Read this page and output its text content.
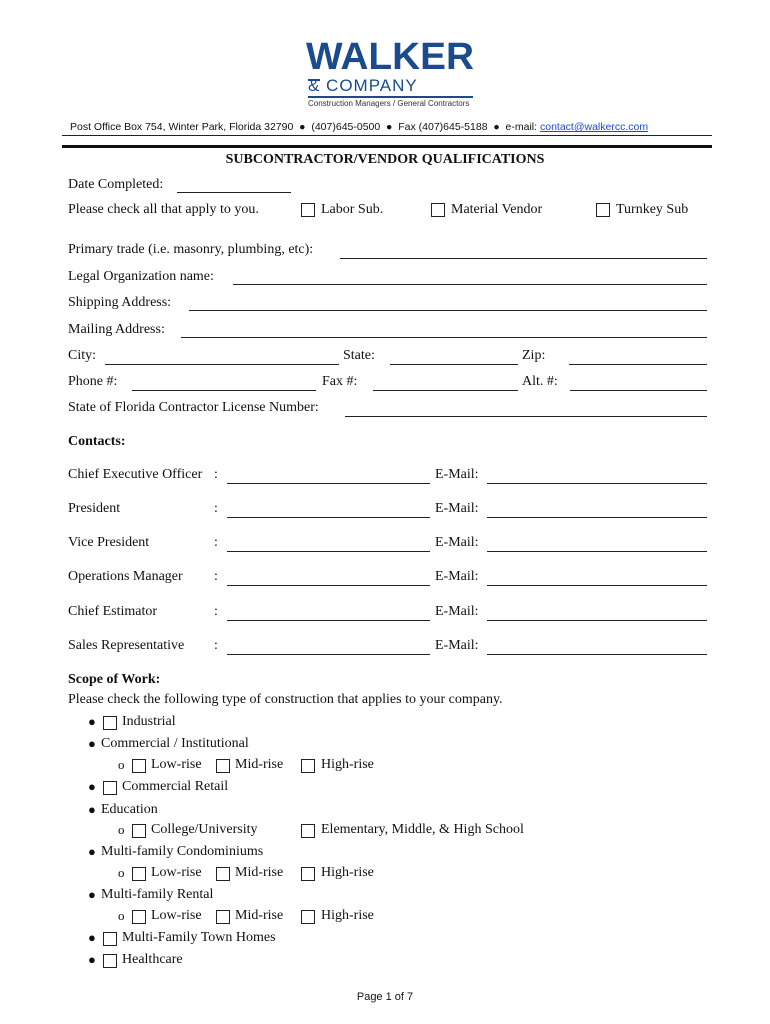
WALKER
& COMPANY
Construction Managers / General Contractors
Post Office Box 754, Winter Park, Florida 32790  ●  (407)645-0500  ●  Fax (407)645-5188  ●  e-mail: contact@walkercc.com
SUBCONTRACTOR/VENDOR QUALIFICATIONS
Date Completed:
Please check all that apply to you.	Labor Sub.	Material Vendor	Turnkey Sub
Primary trade (i.e. masonry, plumbing, etc):
Legal Organization name:
Shipping Address:
Mailing Address:
City:	State:	Zip:
Phone #:	Fax #:	Alt. #:
State of Florida Contractor License Number:
Contacts:
Chief Executive Officer :	E-Mail:
President	:	E-Mail:
Vice President	:	E-Mail:
Operations Manager :	E-Mail:
Chief Estimator	:	E-Mail:
Sales Representative :	E-Mail:
Scope of Work:
Please check the following type of construction that applies to your company.
● Industrial
● Commercial / Institutional
o Low-rise Mid-rise	High-rise
● Commercial Retail
● Education
o College/University	Elementary, Middle, & High School
● Multi-family Condominiums
o Low-rise Mid-rise	High-rise
● Multi-family Rental
o Low-rise Mid-rise	High-rise
● Multi-Family Town Homes
● Healthcare
Page 1 of 7
